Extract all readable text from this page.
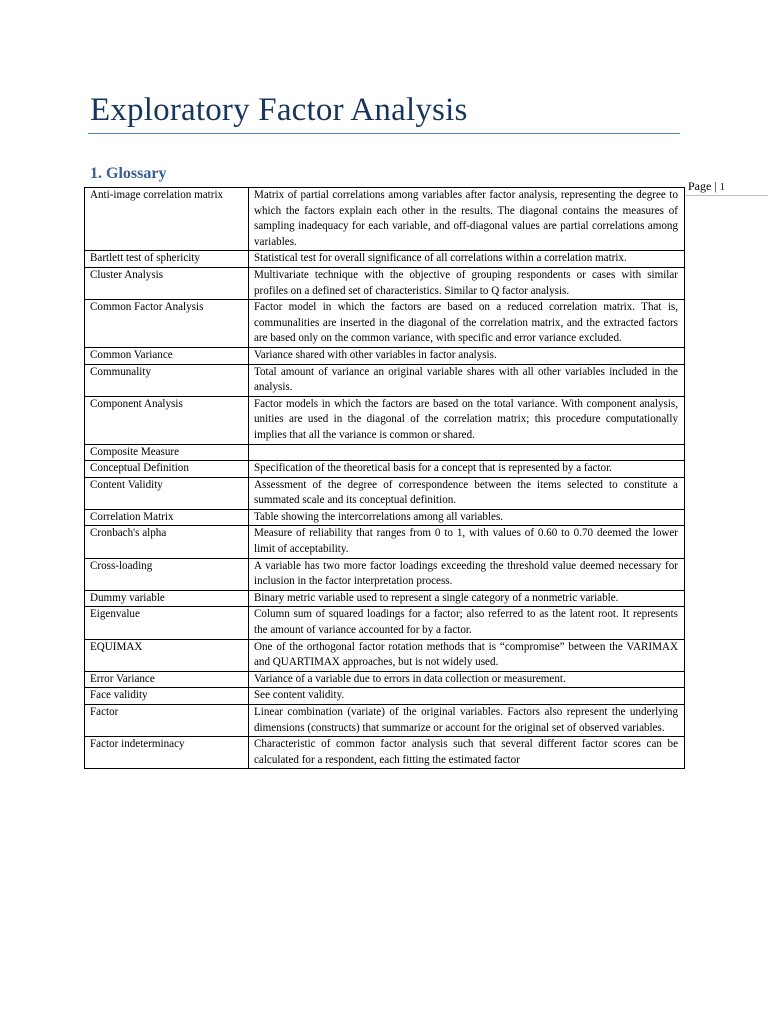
Exploratory Factor Analysis
1. Glossary
Page | 1
Anti-image correlation matrix	Matrix of partial correlations among variables after factor analysis, representing the degree to which the factors explain each other in the results. The diagonal contains the measures of sampling inadequacy for each variable, and off-diagonal values are partial correlations among variables.
Bartlett test of sphericity	Statistical test for overall significance of all correlations within a correlation matrix.
Cluster Analysis	Multivariate technique with the objective of grouping respondents or cases with similar profiles on a defined set of characteristics. Similar to Q factor analysis.
Common Factor Analysis	Factor model in which the factors are based on a reduced correlation matrix. That is, communalities are inserted in the diagonal of the correlation matrix, and the extracted factors are based only on the common variance, with specific and error variance excluded.
Common Variance	Variance shared with other variables in factor analysis.
Communality	Total amount of variance an original variable shares with all other variables included in the analysis.
Component Analysis	Factor models in which the factors are based on the total variance. With component analysis, unities are used in the diagonal of the correlation matrix; this procedure computationally implies that all the variance is common or shared.
Composite Measure	
Conceptual Definition	Specification of the theoretical basis for a concept that is represented by a factor.
Content Validity	Assessment of the degree of correspondence between the items selected to constitute a summated scale and its conceptual definition.
Correlation Matrix	Table showing the intercorrelations among all variables.
Cronbach's alpha	Measure of reliability that ranges from 0 to 1, with values of 0.60 to 0.70 deemed the lower limit of acceptability.
Cross-loading	A variable has two more factor loadings exceeding the threshold value deemed necessary for inclusion in the factor interpretation process.
Dummy variable	Binary metric variable used to represent a single category of a nonmetric variable.
Eigenvalue	Column sum of squared loadings for a factor; also referred to as the latent root. It represents the amount of variance accounted for by a factor.
EQUIMAX	One of the orthogonal factor rotation methods that is “compromise” between the VARIMAX and QUARTIMAX approaches, but is not widely used.
Error Variance	Variance of a variable due to errors in data collection or measurement.
Face validity	See content validity.
Factor	Linear combination (variate) of the original variables. Factors also represent the underlying dimensions (constructs) that summarize or account for the original set of observed variables.
Factor indeterminacy	Characteristic of common factor analysis such that several different factor scores can be calculated for a respondent, each fitting the estimated factor
